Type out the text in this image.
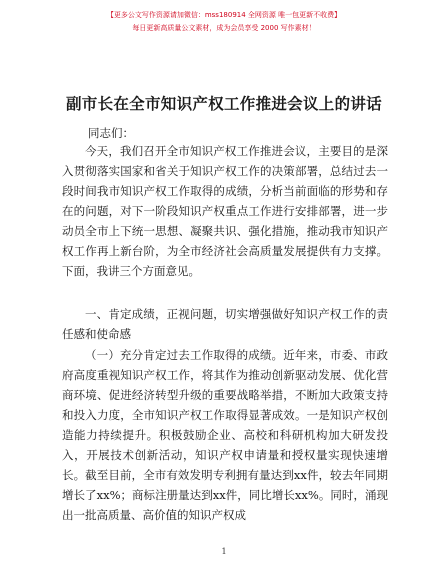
【更多公文写作资源请加微信：mss180914 全网资源 唯一包更新不收费】
每日更新高质量公文素材，成为会员享受 2000 写作素材！
副市长在全市知识产权工作推进会议上的讲话
同志们：
今天，我们召开全市知识产权工作推进会议，主要目的是深入贯彻落实国家和省关于知识产权工作的决策部署，总结过去一段时间我市知识产权工作取得的成绩，分析当前面临的形势和存在的问题，对下一阶段知识产权重点工作进行安排部署，进一步动员全市上下统一思想、凝聚共识、强化措施，推动我市知识产权工作再上新台阶，为全市经济社会高质量发展提供有力支撑。下面，我讲三个方面意见。
一、肯定成绩，正视问题，切实增强做好知识产权工作的责任感和使命感
（一）充分肯定过去工作取得的成绩。近年来，市委、市政府高度重视知识产权工作，将其作为推动创新驱动发展、优化营商环境、促进经济转型升级的重要战略举措，不断加大政策支持和投入力度，全市知识产权工作取得显著成效。一是知识产权创造能力持续提升。积极鼓励企业、高校和科研机构加大研发投入，开展技术创新活动，知识产权申请量和授权量实现快速增长。截至目前，全市有效发明专利拥有量达到xx件，较去年同期增长了xx%；商标注册量达到xx件，同比增长xx%。同时，涌现出一批高质量、高价值的知识产权成
1
